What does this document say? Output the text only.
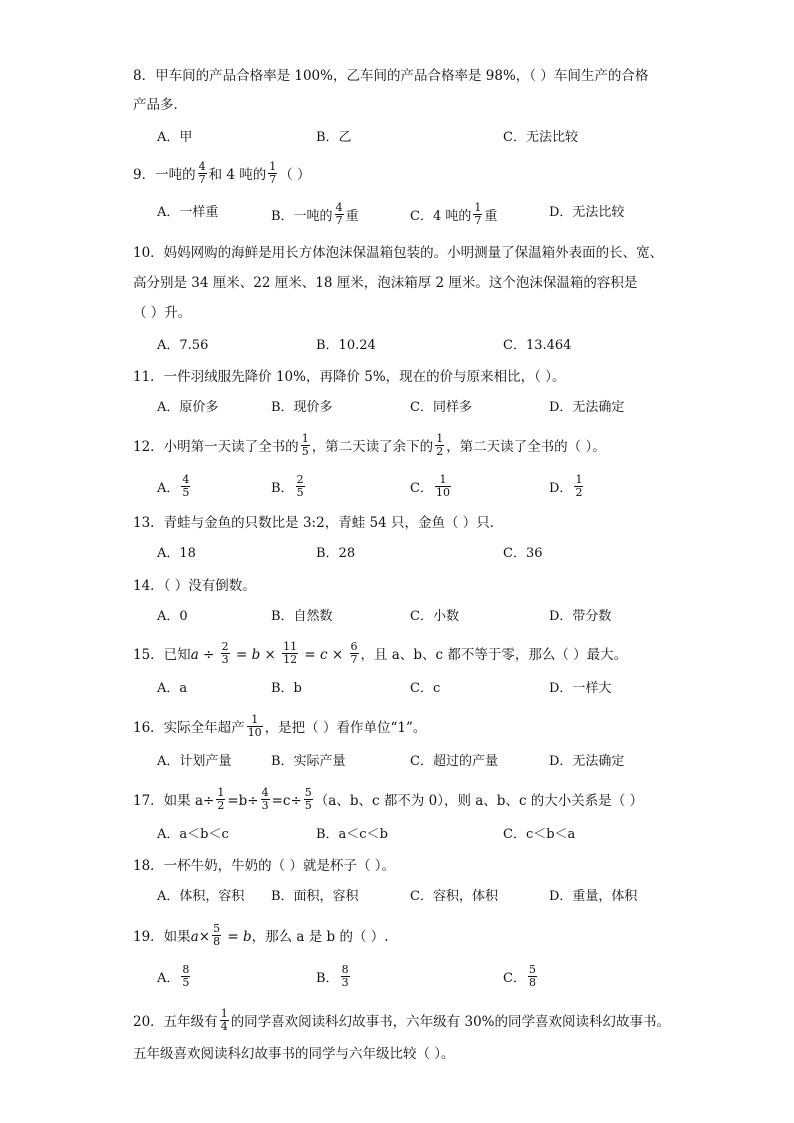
8．甲车间的产品合格率是 100%，乙车间的产品合格率是 98%，（ ）车间生产的合格
产品多．
A．甲	B．乙	C．无法比较
9．一吨的 $\frac{4}{7}$ 和 4 吨的 $\frac{1}{7}$ （ ）
A．一样重	B．一吨的 $\frac{4}{7}$ 重	C．4 吨的 $\frac{1}{7}$ 重	D．无法比较
10．妈妈网购的海鲜是用长方体泡沫保温箱包装的。小明测量了保温箱外表面的长、宽、
高分别是 34 厘米、22 厘米、18 厘米，泡沫箱厚 2 厘米。这个泡沫保温箱的容积是
（ ）升。
A．7.56	B．10.24	C．13.464
11．一件羽绒服先降价 10%，再降价 5%，现在的价与原来相比，（ ）。
A．原价多	B．现价多	C．同样多	D．无法确定
12．小明第一天读了全书的 $\frac{1}{5}$ ，第二天读了余下的 $\frac{1}{2}$ ，第二天读了全书的（ ）。
A． $\frac{4}{5}$	B． $\frac{2}{5}$	C． $\frac{1}{10}$	D． $\frac{1}{2}$
13．青蛙与金鱼的只数比是 3:2，青蛙 54 只，金鱼（ ）只．
A．18	B．28	C．36
14．（ ）没有倒数。
A．0	B．自然数	C．小数	D．带分数
15．已知$a \div \frac{2}{3} = b \times \frac{11}{12} = c \times \frac{6}{7}$ ，且 a、b、c 都不等于零，那么（ ）最大。
A．a	B．b	C．c	D．一样大
16．实际全年超产 $\frac{1}{10}$ ，是把（ ）看作单位“1”。
A．计划产量	B．实际产量	C．超过的产量	D．无法确定
17．如果 $a\div \frac{1}{2} =b\div \frac{4}{3} =c\div \frac{5}{5} (a$、b、c 都不为 0），则 a、b、c 的大小关系是（ ）
A．a＜b＜c	B．a＜c＜b	C．c＜b＜a
18．一杯牛奶，牛奶的（ ）就是杯子（ ）。
A．体积，容积 B．面积，容积	C．容积，体积	D．重量，体积
19．如果$a\times \frac{5}{8} = b$，那么 a 是 b 的（ ）.
A． $\frac{8}{5}$	B． $\frac{8}{3}$	C． $\frac{5}{8}$
20．五年级有 $\frac{1}{4}$ 的同学喜欢阅读科幻故事书，六年级有 30%的同学喜欢阅读科幻故事书。
五年级喜欢阅读科幻故事书的同学与六年级比较（ ）。
